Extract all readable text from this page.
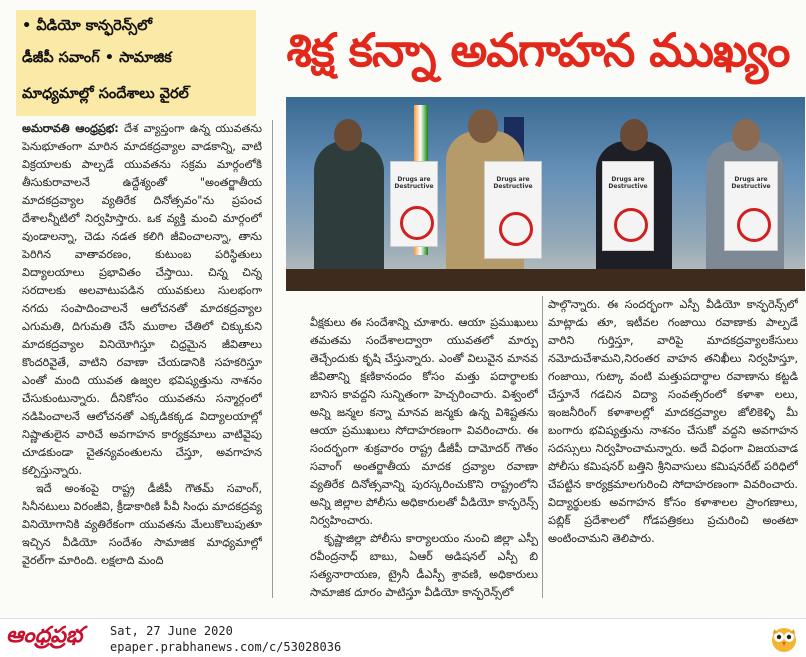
• వీడియో కాన్ఫరెన్స్‌లో
డీజీపీ సవాంగ్‌ • సామాజిక
మాధ్యమాల్లో సందేశాలు వైరల్‌
శిక్ష కన్నా అవగాహన ముఖ్యం
Drugs are Destructive
Drugs are Destructive
Drugs are Destructive
Drugs are Destructive
అమరావతి ఆంధ్రప్రభ: దేశ వ్యాప్తంగా ఉన్న యువతను పెనుభూతంగా మారిన మాదకద్రవ్యాల వాడకాన్ని, వాటి విక్రయాలకు పాల్పడే యువతను సక్రమ మార్గంలోకి తీసుకురావాలనే ఉద్దేశ్యంతో "అంతర్జాతీయ మాదకద్రవ్యాల వ్యతిరేక దినోత్సవం"ను ప్రపంచ దేశాలన్నీటిలో నిర్వహిస్తారు. ఒక వ్యక్తి మంచి మార్గంలో వుండాలన్నా, చెడు నడత కలిగి జీవించాలన్నా, తాను పెరిగిన వాతావరణం, కుటుంబ పరిస్థితులు విద్యాలయాలు ప్రభావితం చేస్తాయి. చిన్న చిన్న సరదాలకు అలవాటుపడిన యువకులు సులభంగా నగదు సంపాదించాలనే ఆలోచనతో మాదకద్రవ్యాల ఎగుమతి, దిగుమతి చేసే ముఠాల చేతిలో చిక్కుకుని మాదకద్రవ్యాల వినియోగిస్తూ చిధ్రమైన జీవితాలు కొందరివైతే, వాటిని రవాణా చేయడానికి సహకరిస్తూ ఎంతో మంది యువత ఉజ్వల భవిష్యత్తును నాశనం చేసుకుంటున్నారు. దీనికోసం యువతను సన్మార్గంలో నడిపించాలనే ఆలోచనతో ఎక్కడికక్కడ విద్యాలయాల్లో నిష్ణాతులైన వారిచే అవగాహన కార్యక్రమాలు వాటివైపు చూడకుండా చైతన్యవంతులను చేస్తూ, అవగాహన కల్పిస్తున్నారు.
ఇదే అంశంపై రాష్ట్ర డీజీపీ గౌతమ్ సవాంగ్, సినీనటులు విరంజీవి, క్రీడాకారిణి పీవీ సింధు మాదకద్రవ్య వినియోగానికి వ్యతిరేకంగా యువతను మేలుకొలుపుతూ ఇచ్చిన వీడియో సందేశం సామాజిక మాధ్యమాల్లో వైరల్‌గా మారింది. లక్షలాది మంది
వీక్షకులు ఈ సందేశాన్ని చూశారు. ఆయా ప్రముఖులు తమతమ సందేశాలద్వారా యువతలో మార్పు తెచ్చేందుకు కృషి చేస్తున్నారు. ఎంతో విలువైన మానవ జీవితాన్ని క్షణికానందం కోసం మత్తు పదార్థాలకు బానిస కావద్దని సున్నితంగా హెచ్చరించారు. విశ్వంలో అన్ని జన్మల కన్నా మానవ జన్మకు ఉన్న విశిష్టతను ఆయా ప్రముఖులు సోదాహరణంగా వివరించారు. ఈ సందర్భంగా శుక్రవారం రాష్ట్ర డీజీపీ దామోదర్ గౌతం సవాంగ్ అంతర్జాతీయ మాదక ద్రవ్యాల రవాణా వ్యతిరేక దినోత్సవాన్ని పురస్కరించుకొని రాష్ట్రంలోని అన్ని జిల్లాల పోలీసు అధికారులతో వీడియో కాన్ఫరెన్స్ నిర్వహించారు.
కృష్ణాజిల్లా పోలీసు కార్యాలయం నుంచి జిల్లా ఎస్పీ రవీంద్రనాధ్ బాబు, ఏఆర్ అడిషనల్ ఎస్పీ బి సత్యనారాయణ, ట్రైనీ డీఎస్పీ శ్రావణి, అధికారులు సామాజిక దూరం పాటిస్తూ వీడియో కాన్ఫరెన్స్‌లో
పాల్గొన్నారు. ఈ సందర్భంగా ఎస్పీ వీడియో కాన్ఫరెన్స్‌లో మాట్లాడు తూ, ఇటీవల గంజాయి రవాణాకు పాల్పడే వారిని గుర్తిస్తూ, వారిపై మాదకద్రవ్యాలకేసులు నమోదుచేశామని,నిరంతర వాహన తనిఖీలు నిర్వహిస్తూ, గంజాయి, గుట్కా వంటి మత్తుపదార్థాల రవాణాను కట్టడి చేస్తూనే గడచిన విద్యా సంవత్సరంలో కళాశా లలు, ఇంజనీరింగ్ కళాశాలల్లో మాదకద్రవ్యాల జోలికెళ్ళి మీ బంగారు భవిష్యత్తును నాశనం చేసుకో వద్దని అవగాహన సదస్సులు నిర్వహించామన్నారు. అదే విధంగా విజయవాడ పోలీసు కమిషనర్ బత్తిని శ్రీనివాసులు కమిషనరేట్ పరిధిలో చేపట్టిన కార్యక్రమాలగురించి సోదాహరణంగా వివరించారు. విద్యార్థులకు అవగాహన కోసం కళాశాలల ప్రాంగణాలు, పబ్లిక్ ప్రదేశాలలో గోడపత్రికలు ప్రచురించి అంతటా అంటించామని తెలిపారు.
ఆంధ్రప్రభ Sat, 27 June 2020
epaper.prabhanews.com/c/53028036
